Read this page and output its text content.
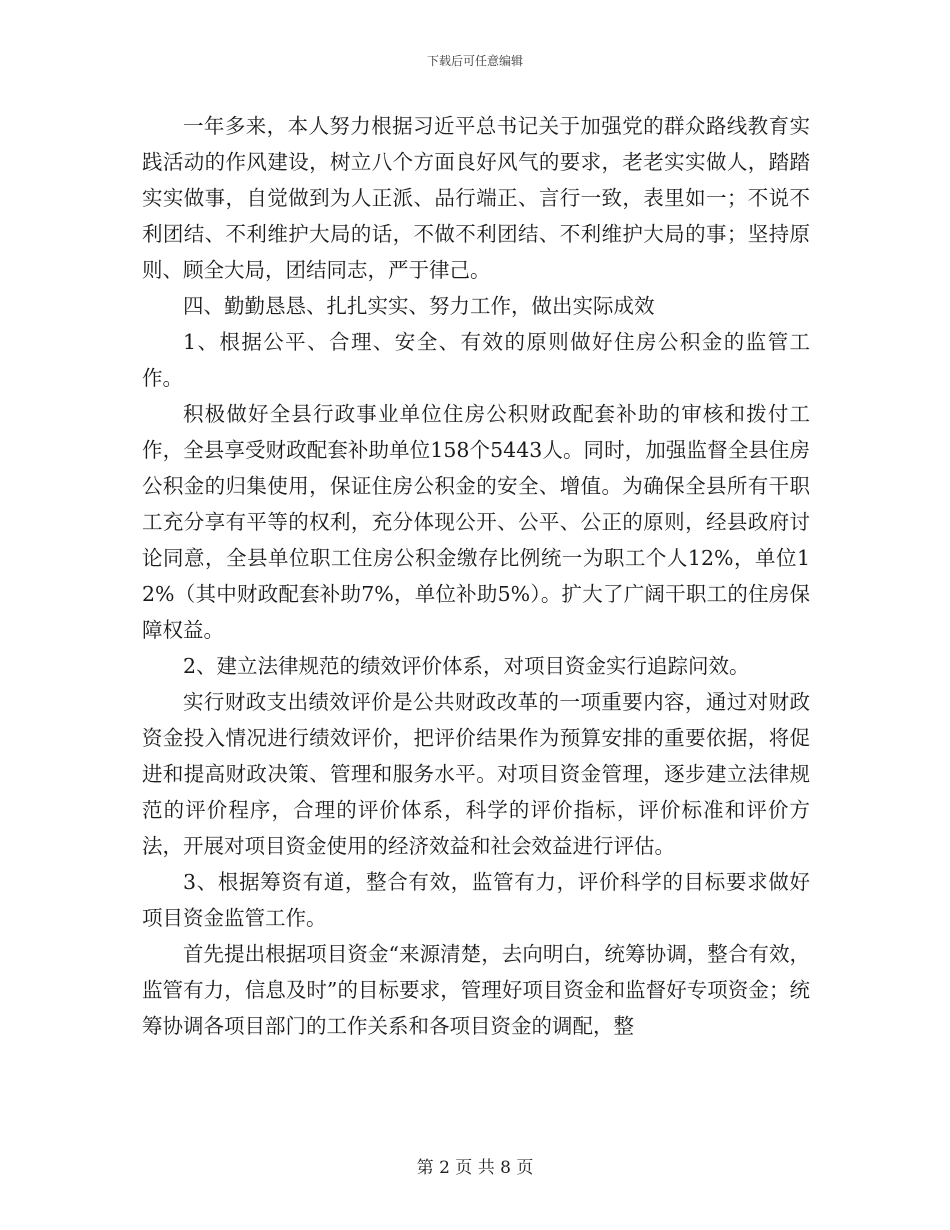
下载后可任意编辑

一年多来，本人努力根据习近平总书记关于加强党的群众路线教育实践活动的作风建设，树立八个方面良好风气的要求，老老实实做人，踏踏实实做事，自觉做到为人正派、品行端正、言行一致，表里如一；不说不利团结、不利维护大局的话，不做不利团结、不利维护大局的事；坚持原则、顾全大局，团结同志，严于律己。

四、勤勤恳恳、扎扎实实、努力工作，做出实际成效

1、根据公平、合理、安全、有效的原则做好住房公积金的监管工作。

积极做好全县行政事业单位住房公积财政配套补助的审核和拨付工作，全县享受财政配套补助单位158个5443人。同时，加强监督全县住房公积金的归集使用，保证住房公积金的安全、增值。为确保全县所有干职工充分享有平等的权利，充分体现公开、公平、公正的原则，经县政府讨论同意，全县单位职工住房公积金缴存比例统一为职工个人12%，单位12%（其中财政配套补助7%，单位补助5%）。扩大了广阔干职工的住房保障权益。

2、建立法律规范的绩效评价体系，对项目资金实行追踪问效。

实行财政支出绩效评价是公共财政改革的一项重要内容，通过对财政资金投入情况进行绩效评价，把评价结果作为预算安排的重要依据，将促进和提高财政决策、管理和服务水平。对项目资金管理，逐步建立法律规范的评价程序，合理的评价体系，科学的评价指标，评价标准和评价方法，开展对项目资金使用的经济效益和社会效益进行评估。

3、根据筹资有道，整合有效，监管有力，评价科学的目标要求做好项目资金监管工作。

首先提出根据项目资金“来源清楚，去向明白，统筹协调，整合有效，监管有力，信息及时”的目标要求，管理好项目资金和监督好专项资金；统筹协调各项目部门的工作关系和各项目资金的调配，整

第 2 页 共 8 页
